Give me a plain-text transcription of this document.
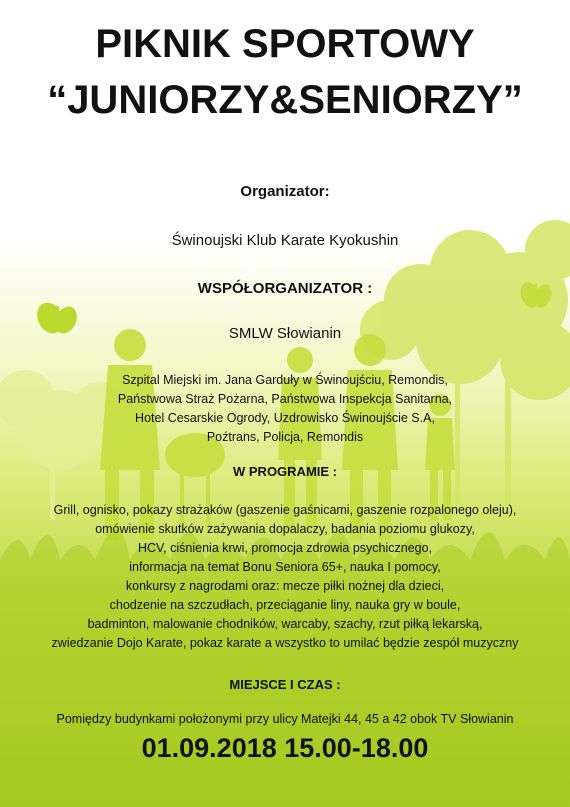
PIKNIK SPORTOWY
“JUNIORZY&SENIORZY”
Organizator:
Świnoujski Klub Karate Kyokushin
WSPÓŁORGANIZATOR :
SMLW Słowianin
Szpital Miejski im. Jana Garduły w Świnoujściu, Remondis,
Państwowa Straż Pożarna, Państwowa Inspekcja Sanitarna,
Hotel Cesarskie Ogrody, Uzdrowisko Świnoujście S.A,
Poźtrans, Policja, Remondis
W PROGRAMIE :
Grill, ognisko, pokazy strażaków (gaszenie gaśnicami, gaszenie rozpalonego oleju),
omówienie skutków zażywania dopalaczy, badania poziomu glukozy,
HCV, ciśnienia krwi, promocja zdrowia psychicznego,
informacja na temat Bonu Seniora 65+, nauka I pomocy,
konkursy z nagrodami oraz: mecze piłki nożnej dla dzieci,
chodzenie na szczudłach, przeciąganie liny, nauka gry w boule,
badminton, malowanie chodników, warcaby, szachy, rzut piłką lekarską,
zwiedzanie Dojo Karate, pokaz karate a wszystko to umilać będzie zespół muzyczny
MIEJSCE I CZAS :
Pomiędzy budynkami położonymi przy ulicy Matejki 44, 45 a 42 obok TV Słowianin
01.09.2018 15.00-18.00
